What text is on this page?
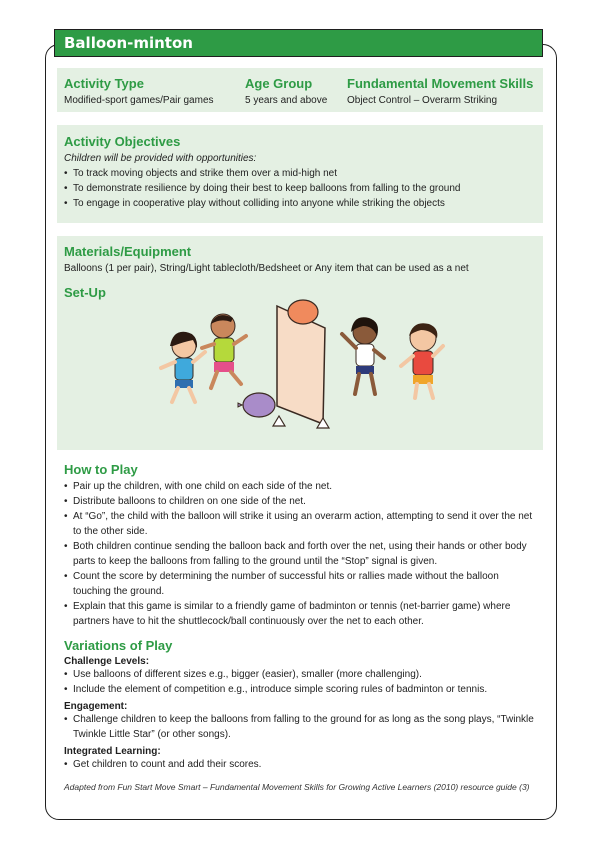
Balloon-minton
Activity Type
Modified-sport games/Pair games
Age Group
5 years and above
Fundamental Movement Skills
Object Control – Overarm Striking
Activity Objectives
Children will be provided with opportunities:
• To track moving objects and strike them over a mid-high net
• To demonstrate resilience by doing their best to keep balloons from falling to the ground
• To engage in cooperative play without colliding into anyone while striking the objects
Materials/Equipment
Balloons (1 per pair), String/Light tablecloth/Bedsheet or Any item that can be used as a net
Set-Up
How to Play
• Pair up the children, with one child on each side of the net.
• Distribute balloons to children on one side of the net.
• At “Go”, the child with the balloon will strike it using an overarm action, attempting to send it over the net to the other side.
• Both children continue sending the balloon back and forth over the net, using their hands or other body parts to keep the balloons from falling to the ground until the “Stop” signal is given.
• Count the score by determining the number of successful hits or rallies made without the balloon touching the ground.
• Explain that this game is similar to a friendly game of badminton or tennis (net-barrier game) where partners have to hit the shuttlecock/ball continuously over the net to each other.
Variations of Play
Challenge Levels:
• Use balloons of different sizes e.g., bigger (easier), smaller (more challenging).
• Include the element of competition e.g., introduce simple scoring rules of badminton or tennis.
Engagement:
• Challenge children to keep the balloons from falling to the ground for as long as the song plays, “Twinkle Twinkle Little Star” (or other songs).
Integrated Learning:
• Get children to count and add their scores.
Adapted from Fun Start Move Smart – Fundamental Movement Skills for Growing Active Learners (2010) resource guide (3)
